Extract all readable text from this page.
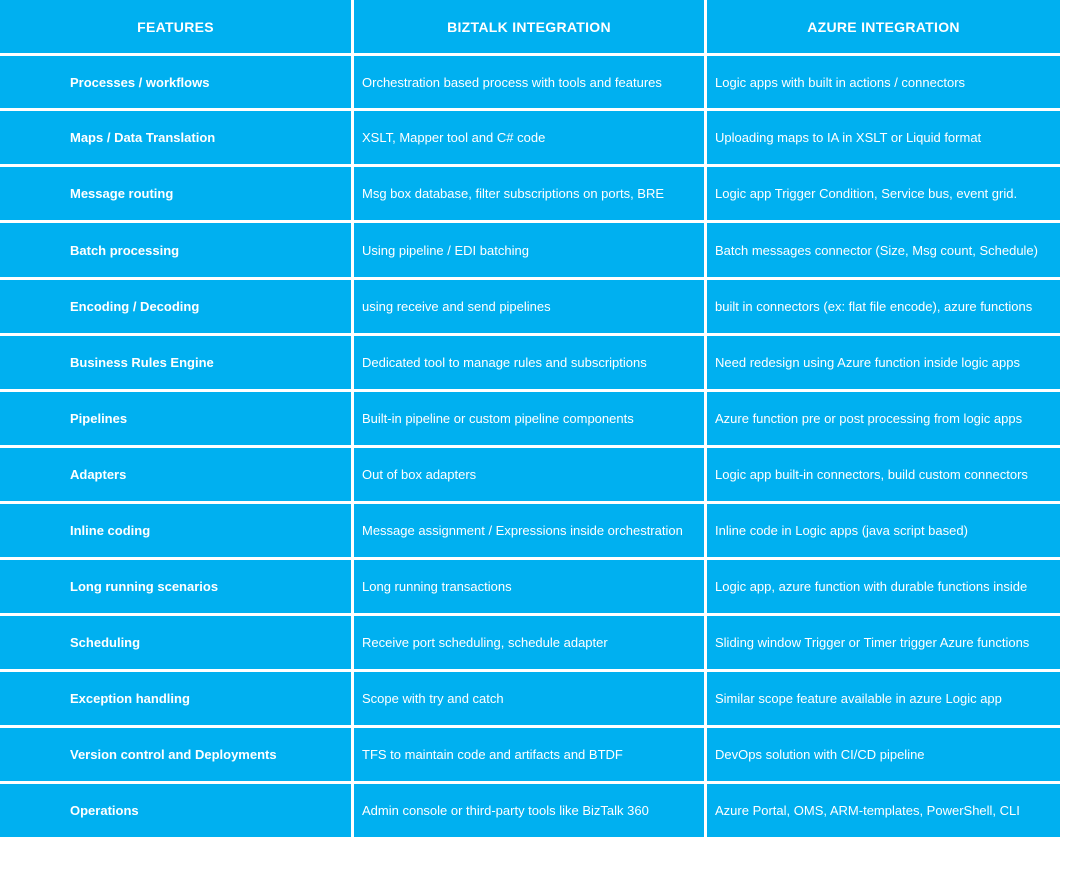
FEATURES	BIZTALK INTEGRATION	AZURE INTEGRATION
Processes / workflows	Orchestration based process with tools and features	Logic apps with built in actions / connectors
Maps / Data Translation	XSLT, Mapper tool and C# code	Uploading maps to IA in XSLT or Liquid format
Message routing	Msg box database, filter subscriptions on ports, BRE	Logic app Trigger Condition, Service bus, event grid.
Batch processing	Using pipeline / EDI batching	Batch messages connector (Size, Msg count, Schedule)
Encoding / Decoding	using receive and send pipelines	built in connectors (ex: flat file encode), azure functions
Business Rules Engine	Dedicated tool to manage rules and subscriptions	Need redesign using Azure function inside logic apps
Pipelines	Built-in pipeline or custom pipeline components	Azure function pre or post processing from logic apps
Adapters	Out of box adapters	Logic app built-in connectors, build custom connectors
Inline coding	Message assignment / Expressions inside orchestration	Inline code in Logic apps (java script based)
Long running scenarios	Long running transactions	Logic app, azure function with durable functions inside
Scheduling	Receive port scheduling, schedule adapter	Sliding window Trigger or Timer trigger Azure functions
Exception handling	Scope with try and catch	Similar scope feature available in azure Logic app
Version control and Deployments	TFS to maintain code and artifacts and BTDF	DevOps solution with CI/CD pipeline
Operations	Admin console or third-party tools like BizTalk 360	Azure Portal, OMS, ARM-templates, PowerShell, CLI
